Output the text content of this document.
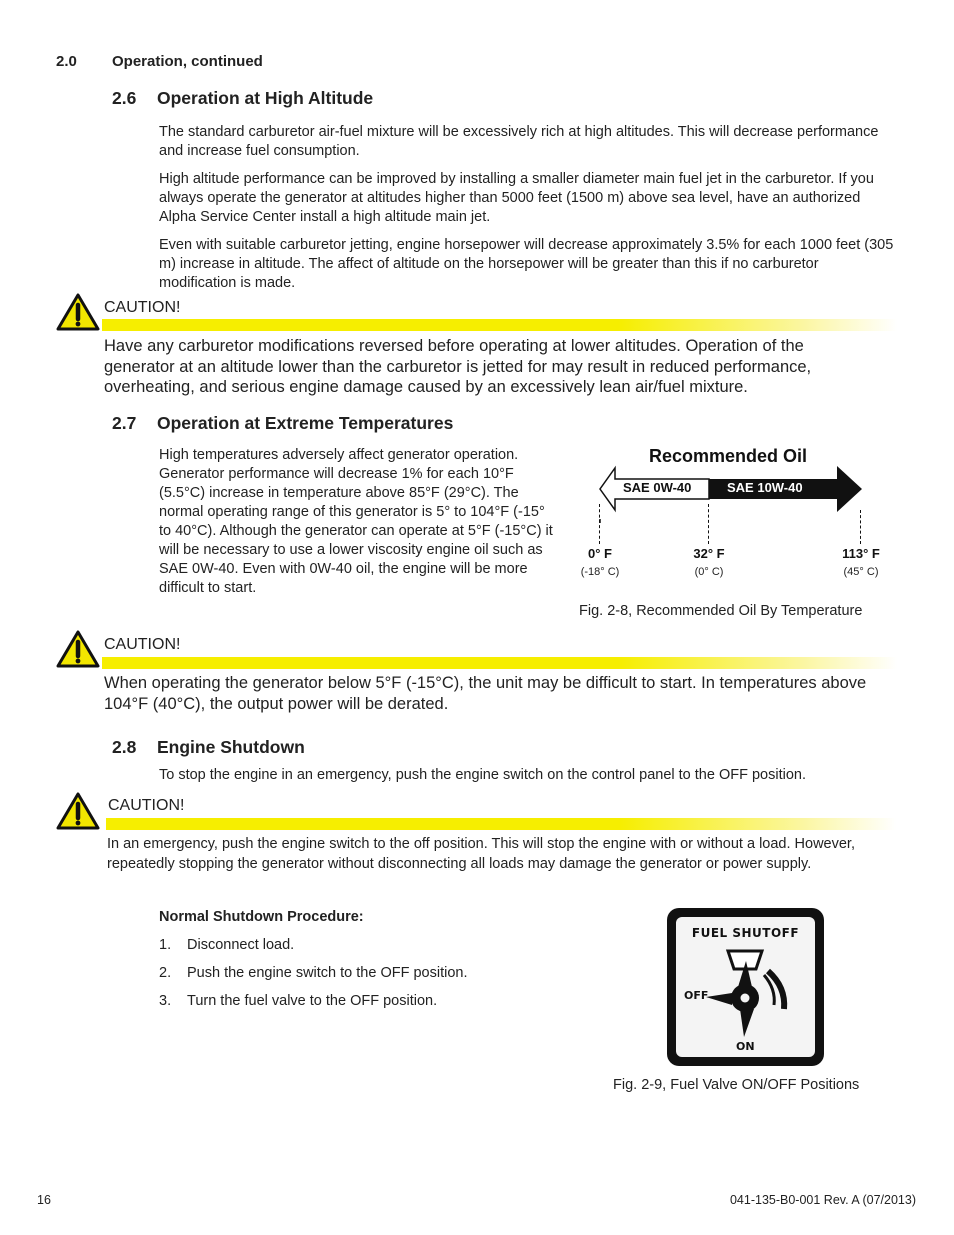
2.0 Operation, continued
2.6 Operation at High Altitude

The standard carburetor air-fuel mixture will be excessively rich at high altitudes. This will decrease performance and increase fuel consumption.

High altitude performance can be improved by installing a smaller diameter main fuel jet in the carburetor. If you always operate the generator at altitudes higher than 5000 feet (1500 m) above sea level, have an authorized Alpha Service Center install a high altitude main jet.

Even with suitable carburetor jetting, engine horsepower will decrease approximately 3.5% for each 1000 feet (305 m) increase in altitude. The affect of altitude on the horsepower will be greater than this if no carburetor modification is made.

CAUTION!
Have any carburetor modifications reversed before operating at lower altitudes. Operation of the generator at an altitude lower than the carburetor is jetted for may result in reduced performance, overheating, and serious engine damage caused by an excessively lean air/fuel mixture.
2.7 Operation at Extreme Temperatures

High temperatures adversely affect generator operation. Generator performance will decrease 1% for each 10°F (5.5°C) increase in temperature above 85°F (29°C). The normal operating range of this generator is 5° to 104°F (-15° to 40°C). Although the generator can operate at 5°F (-15°C) it will be necessary to use a lower viscosity engine oil such as SAE 0W-40. Even with 0W-40 oil, the engine will be more difficult to start.

Recommended Oil
SAE 0W-40	SAE 10W-40
0° F
(-18° C)
32° F
(0° C)
113° F
(45° C)
Fig. 2-8, Recommended Oil By Temperature
CAUTION!
When operating the generator below 5°F (-15°C), the unit may be difficult to start. In temperatures above 104°F (40°C), the output power will be derated.
2.8 Engine Shutdown
To stop the engine in an emergency, push the engine switch on the control panel to the OFF position.
CAUTION!
In an emergency, push the engine switch to the off position. This will stop the engine with or without a load. However, repeatedly stopping the generator without disconnecting all loads may damage the generator or power supply.
Normal Shutdown Procedure:
1. Disconnect load.
2. Push the engine switch to the OFF position.
3. Turn the fuel valve to the OFF position.
FUEL SHUTOFF
OFF
ON
Fig. 2-9, Fuel Valve ON/OFF Positions
16	041-135-B0-001 Rev. A (07/2013)
